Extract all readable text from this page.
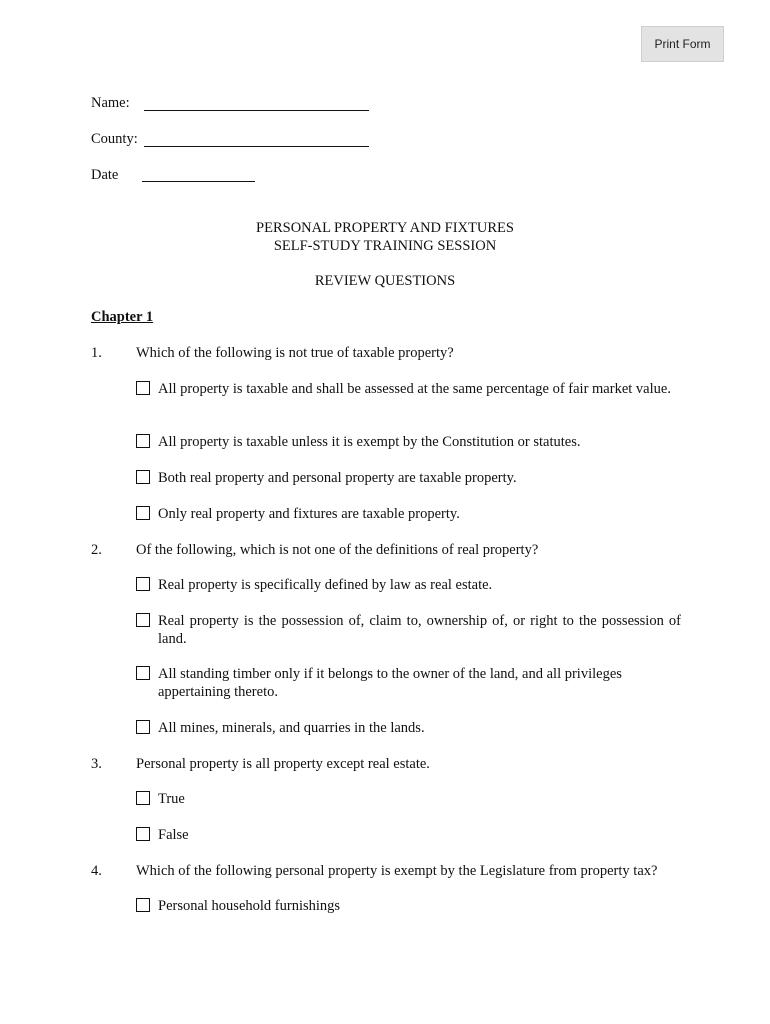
Print Form
Name:
County:
Date
PERSONAL PROPERTY AND FIXTURES
SELF-STUDY TRAINING SESSION
REVIEW QUESTIONS
Chapter 1
1. Which of the following is not true of taxable property?
All property is taxable and shall be assessed at the same percentage of fair market value.
All property is taxable unless it is exempt by the Constitution or statutes.
Both real property and personal property are taxable property.
Only real property and fixtures are taxable property.
2. Of the following, which is not one of the definitions of real property?
Real property is specifically defined by law as real estate.
Real property is the possession of, claim to, ownership of, or right to the possession of land.
All standing timber only if it belongs to the owner of the land, and all privileges appertaining thereto.
All mines, minerals, and quarries in the lands.
3. Personal property is all property except real estate.
True
False
4. Which of the following personal property is exempt by the Legislature from property tax?
Personal household furnishings
